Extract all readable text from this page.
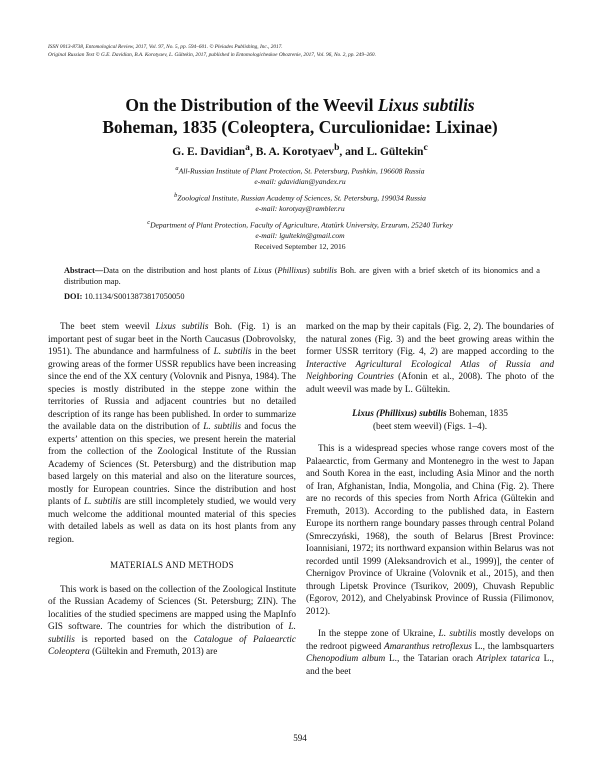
ISSN 0013-8738, Entomological Review, 2017, Vol. 97, No. 5, pp. 594–601. © Pleiades Publishing, Inc., 2017.
Original Russian Text © G.E. Davidian, B.A. Korotyaev, L. Gültekin, 2017, published in Entomologicheskoe Obozrenie, 2017, Vol. 96, No. 2, pp. 249–260.
On the Distribution of the Weevil Lixus subtilis
Boheman, 1835 (Coleoptera, Curculionidae: Lixinae)
G. E. Davidian$^a$, B. A. Korotyaev$^b$, and L. Gültekin$^c$
$^a$All-Russian Institute of Plant Protection, St. Petersburg, Pushkin, 196608 Russia
e-mail: gdavidian@yandex.ru
$^b$Zoological Institute, Russian Academy of Sciences, St. Petersburg, 199034 Russia
e-mail: korotyay@rambler.ru
$^c$Department of Plant Protection, Faculty of Agriculture, Atatürk University, Erzurum, 25240 Turkey
e-mail: lgultekin@gmail.com
Received September 12, 2016
Abstract—Data on the distribution and host plants of Lixus (Phillixus) subtilis Boh. are given with a brief sketch of its bionomics and a distribution map.
DOI: 10.1134/S0013873817050050

The beet stem weevil Lixus subtilis Boh. (Fig. 1) is an important pest of sugar beet in the North Caucasus (Dobrovolsky, 1951). The abundance and harmfulness of L. subtilis in the beet growing areas of the former USSR republics have been increasing since the end of the XX century (Volovnik and Pisnya, 1984). The species is mostly distributed in the steppe zone within the territories of Russia and adjacent countries but no detailed description of its range has been published. In order to summarize the available data on the distribution of L. subtilis and focus the experts’ attention on this species, we present herein the material from the collection of the Zoological Institute of the Russian Academy of Sciences (St. Petersburg) and the distribution map based largely on this material and also on the literature sources, mostly for European countries. Since the distribution and host plants of L. subtilis are still incompletely studied, we would very much welcome the additional mounted material of this species with detailed labels as well as data on its host plants from any region.

MATERIALS AND METHODS

This work is based on the collection of the Zoological Institute of the Russian Academy of Sciences (St. Petersburg; ZIN). The localities of the studied specimens are mapped using the MapInfo GIS software. The countries for which the distribution of L. subtilis is reported based on the Catalogue of Palaearctic Coleoptera (Gültekin and Fremuth, 2013) are

marked on the map by their capitals (Fig. 2, 2). The boundaries of the natural zones (Fig. 3) and the beet growing areas within the former USSR territory (Fig. 4, 2) are mapped according to the Interactive Agricultural Ecological Atlas of Russia and Neighboring Countries (Afonin et al., 2008). The photo of the adult weevil was made by L. Gültekin.

Lixus (Phillixus) subtilis Boheman, 1835
(beet stem weevil) (Figs. 1–4).

This is a widespread species whose range covers most of the Palaearctic, from Germany and Montenegro in the west to Japan and South Korea in the east, including Asia Minor and the north of Iran, Afghanistan, India, Mongolia, and China (Fig. 2). There are no records of this species from North Africa (Gültekin and Fremuth, 2013). According to the published data, in Eastern Europe its northern range boundary passes through central Poland (Smreczyński, 1968), the south of Belarus [Brest Province: Ioannisiani, 1972; its northward expansion within Belarus was not recorded until 1999 (Aleksandrovich et al., 1999)], the center of Chernigov Province of Ukraine (Volovnik et al., 2015), and then through Lipetsk Province (Tsurikov, 2009), Chuvash Republic (Egorov, 2012), and Chelyabinsk Province of Russia (Filimonov, 2012).

In the steppe zone of Ukraine, L. subtilis mostly develops on the redroot pigweed Amaranthus retroflexus L., the lambsquarters Chenopodium album L., the Tatarian orach Atriplex tatarica L., and the beet

594
